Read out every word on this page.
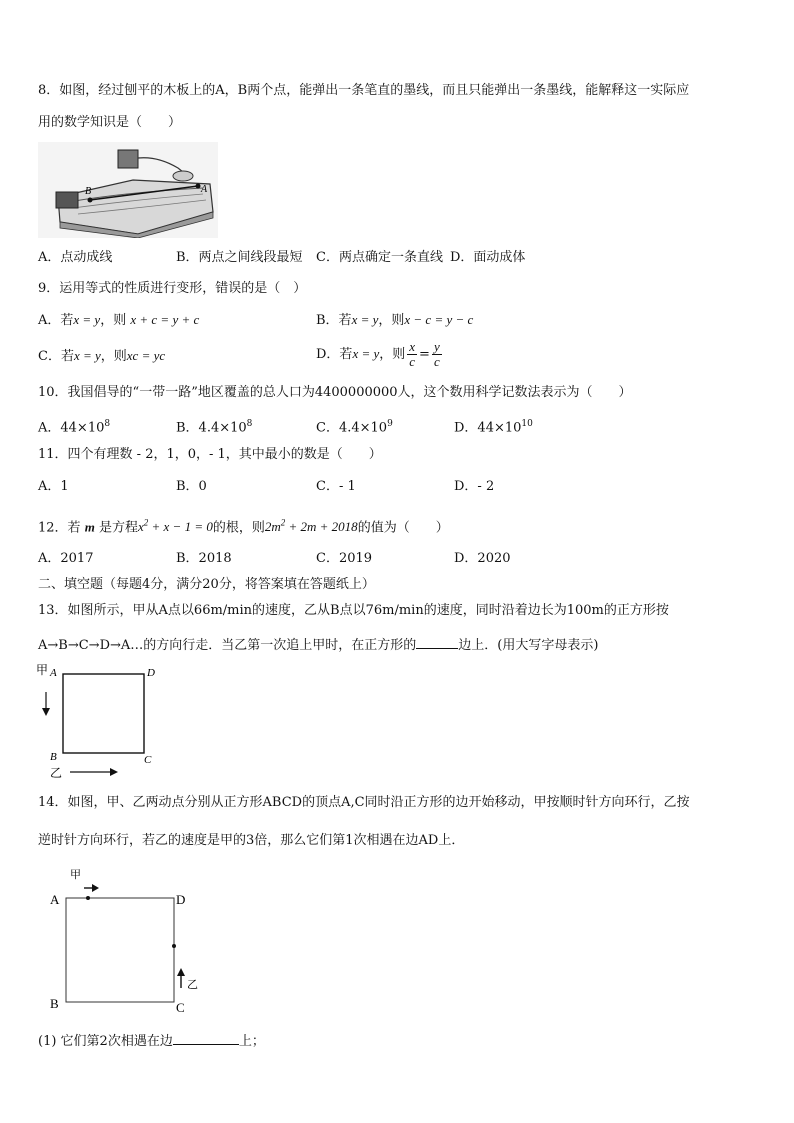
8．如图，经过刨平的木板上的A，B两个点，能弹出一条笔直的墨线，而且只能弹出一条墨线，能解释这一实际应
用的数学知识是（　　）
B	A
A．点动成线	B．两点之间线段最短 C．两点确定一条直线 D．面动成体
9．运用等式的性质进行变形，错误的是（　）
A．若x = y，则 x + c = y + c	B．若x = y，则x − c = y − c
C．若x = y，则xc = yc	D．若x = y，则 $\frac{x}{c} = \frac{y}{c}$
10．我国倡导的“一带一路”地区覆盖的总人口为4400000000人，这个数用科学记数法表示为（　　）
A．$44\times 10^8$	B．$4.4\times 10^8$	C．$4.4\times 10^9$	D．$44\times 10^{10}$
11．四个有理数 - 2，1，0，- 1，其中最小的数是（　　）
A．1	B．0	C．- 1	D．- 2
12．若 m 是方程$x^2 + x - 1 = 0$的根，则$2m^2 + 2m + 2018$的值为（　　）
A．2017	B．2018	C．2019	D．2020
二、填空题（每题4分，满分20分，将答案填在答题纸上）
13．如图所示，甲从A点以66m/min的速度，乙从B点以76m/min的速度，同时沿着边长为100m的正方形按
A→B→C→D→A…的方向行走．当乙第一次追上甲时，在正方形的	边上．(用大写字母表示)
甲 A	D
B	C
乙
14．如图，甲、乙两动点分别从正方形ABCD的顶点A,C同时沿正方形的边开始移动，甲按顺时针方向环行，乙按
逆时针方向环行，若乙的速度是甲的3倍，那么它们第1次相遇在边AD上．
甲
A	D
B	C
乙
(1) 它们第2次相遇在边	上；
